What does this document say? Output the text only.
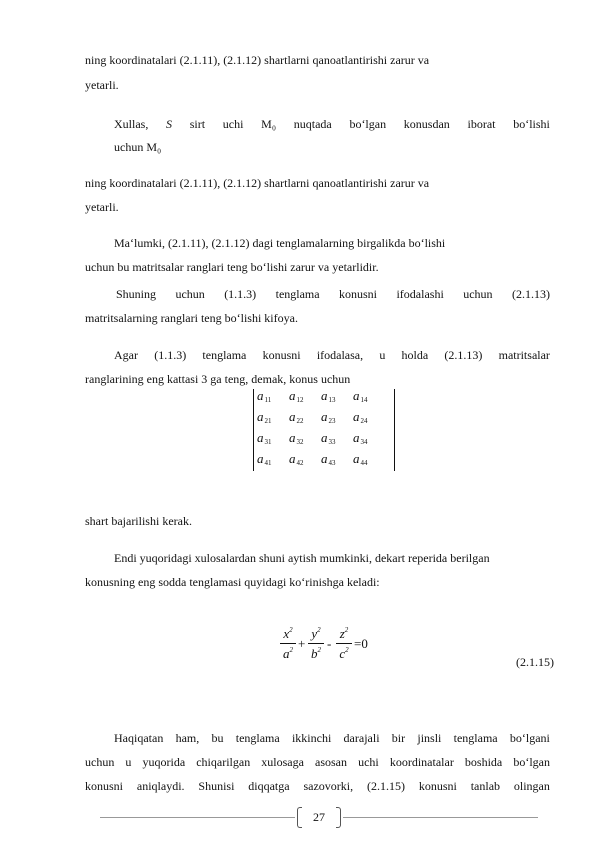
ning koordinatalari (2.1.11), (2.1.12) shartlarni qanoatlantirishi zarur va
yetarli.
Xullas, S sirt uchi M₀ nuqtada bo‘lgan konusdan iborat bo‘lishi
uchun M₀
ning koordinatalari (2.1.11), (2.1.12) shartlarni qanoatlantirishi zarur va
yetarli.
Ma‘lumki, (2.1.11), (2.1.12) dagi tenglamalarning birgalikda bo‘lishi
uchun bu matritsalar ranglari teng bo‘lishi zarur va yetarlidir.
Shuning uchun (1.1.3) tenglama konusni ifodalashi uchun (2.1.13)
matritsalarning ranglari teng bo‘lishi kifoya.
Agar (1.1.3) tenglama konusni ifodalasa, u holda (2.1.13) matritsalar
ranglarining eng kattasi 3 ga teng, demak, konus uchun
$a_{11}$ $a_{12}$ $a_{13}$ $a_{14}$
$a_{21}$ $a_{22}$ $a_{23}$ $a_{24}$
$a_{31}$ $a_{32}$ $a_{33}$ $a_{34}$
$a_{41}$ $a_{42}$ $a_{43}$ $a_{44}$
shart bajarilishi kerak.
Endi yuqoridagi xulosalardan shuni aytish mumkinki, dekart reperida berilgan
konusning eng sodda tenglamasi quyidagi ko‘rinishga keladi:
$x^2$
$a^2$ +
$y^2$
$b^2$ -
$z^2$
$c^2 =0$
(2.1.15)
Haqiqatan ham, bu tenglama ikkinchi darajali bir jinsli tenglama bo‘lgani
uchun u yuqorida chiqarilgan xulosaga asosan uchi koordinatalar boshida bo‘lgan
konusni aniqlaydi. Shunisi diqqatga sazovorki, (2.1.15) konusni tanlab olingan
27
